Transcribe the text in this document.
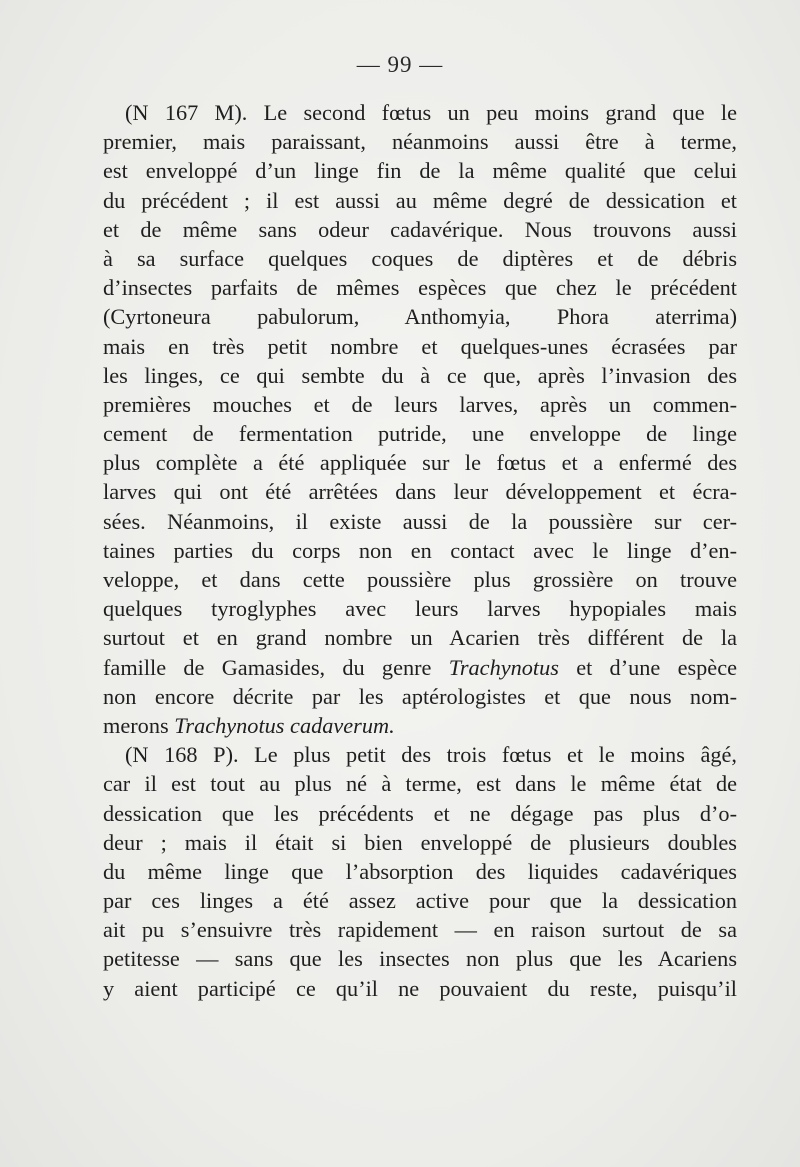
— 99 —
(N 167 M). Le second fœtus un peu moins grand que le
premier, mais paraissant, néanmoins aussi être à terme,
est enveloppé d’un linge fin de la même qualité que celui
du précédent ; il est aussi au même degré de dessication et
et de même sans odeur cadavérique. Nous trouvons aussi
à sa surface quelques coques de diptères et de débris
d’insectes parfaits de mêmes espèces que chez le précédent
(Cyrtoneura pabulorum, Anthomyia, Phora aterrima)
mais en très petit nombre et quelques-unes écrasées par
les linges, ce qui sembte du à ce que, après l’invasion des
premières mouches et de leurs larves, après un commen-
cement de fermentation putride, une enveloppe de linge
plus complète a été appliquée sur le fœtus et a enfermé des
larves qui ont été arrêtées dans leur développement et écra-
sées. Néanmoins, il existe aussi de la poussière sur cer-
taines parties du corps non en contact avec le linge d’en-
veloppe, et dans cette poussière plus grossière on trouve
quelques tyroglyphes avec leurs larves hypopiales mais
surtout et en grand nombre un Acarien très différent de la
famille de Gamasides, du genre Trachynotus et d’une espèce
non encore décrite par les aptérologistes et que nous nom-
merons Trachynotus cadaverum.
(N 168 P). Le plus petit des trois fœtus et le moins âgé,
car il est tout au plus né à terme, est dans le même état de
dessication que les précédents et ne dégage pas plus d’o-
deur ; mais il était si bien enveloppé de plusieurs doubles
du même linge que l’absorption des liquides cadavériques
par ces linges a été assez active pour que la dessication
ait pu s’ensuivre très rapidement — en raison surtout de sa
petitesse — sans que les insectes non plus que les Acariens
y aient participé ce qu’il ne pouvaient du reste, puisqu’il
